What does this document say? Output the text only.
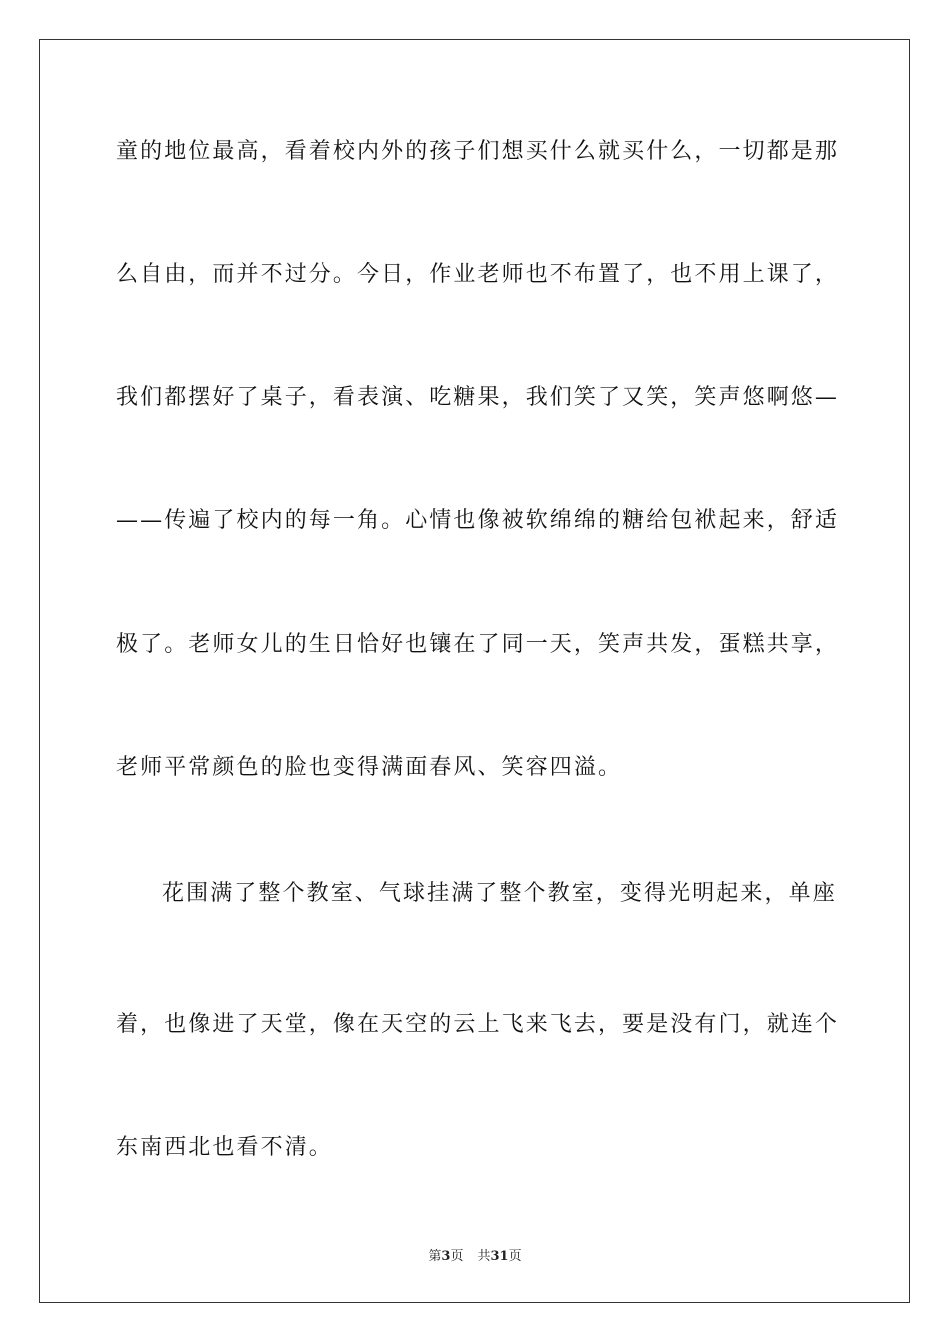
童的地位最高，看着校内外的孩子们想买什么就买什么，一切都是那
么自由，而并不过分。今日，作业老师也不布置了，也不用上课了，
我们都摆好了桌子，看表演、吃糖果，我们笑了又笑，笑声悠啊悠—
——传遍了校内的每一角。心情也像被软绵绵的糖给包袱起来，舒适
极了。老师女儿的生日恰好也镶在了同一天，笑声共发，蛋糕共享，
老师平常颜色的脸也变得满面春风、笑容四溢。
花围满了整个教室、气球挂满了整个教室，变得光明起来，单座
着，也像进了天堂，像在天空的云上飞来飞去，要是没有门，就连个
东南西北也看不清。
第3页 共31页
